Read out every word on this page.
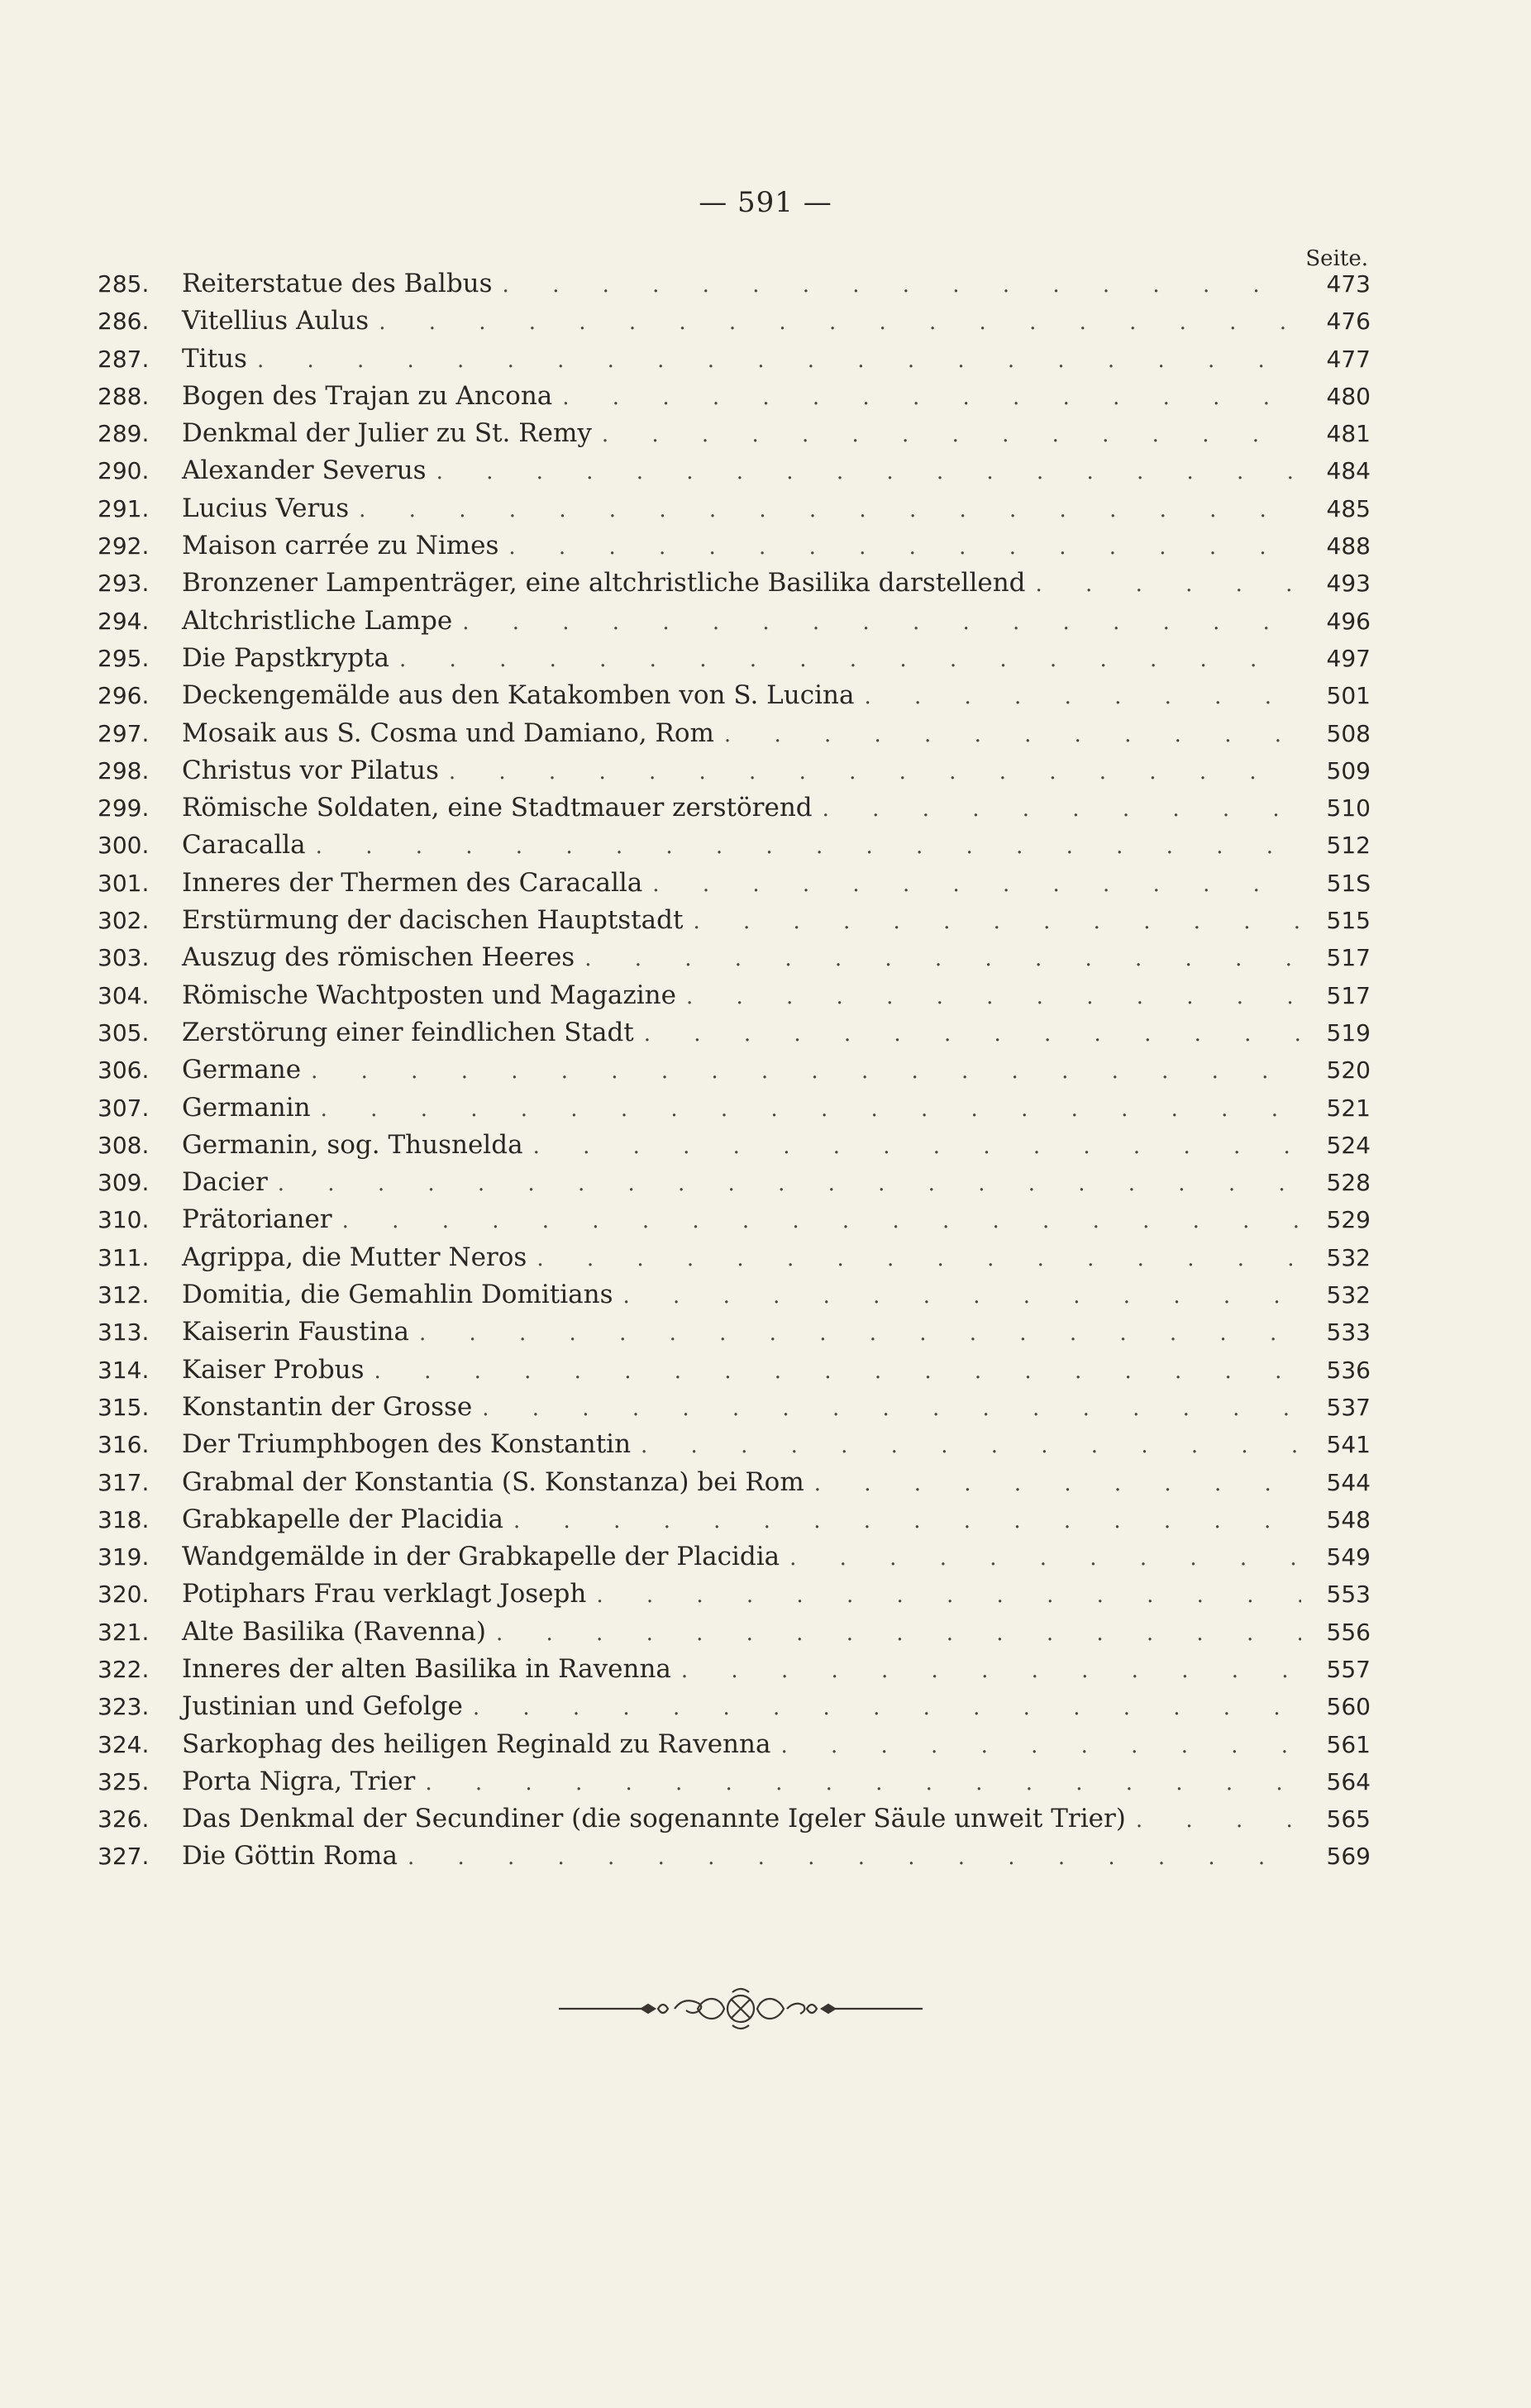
— 591 —
Seite.
285.	Reiterstatue des Balbus . . .	473
286.	Vitellius Aulus . . .	476
287.	Titus . . .	477
288.	Bogen des Trajan zu Ancona . . .	480
289.	Denkmal der Julier zu St. Remy . . .	481
290.	Alexander Severus . . .	484
291.	Lucius Verus . . .	485
292.	Maison carrée zu Nimes . . .	488
293.	Bronzener Lampenträger, eine altchristliche Basilika darstellend . . .	493
294.	Altchristliche Lampe . . .	496
295.	Die Papstkrypta . . .	497
296.	Deckengemälde aus den Katakomben von S. Lucina . . .	501
297.	Mosaik aus S. Cosma und Damiano, Rom . . .	508
298.	Christus vor Pilatus . . .	509
299.	Römische Soldaten, eine Stadtmauer zerstörend . . .	510
300.	Caracalla . . .	512
301.	Inneres der Thermen des Caracalla . . .	51S
302.	Erstürmung der dacischen Hauptstadt . . .	515
303.	Auszug des römischen Heeres . . .	517
304.	Römische Wachtposten und Magazine . . .	517
305.	Zerstörung einer feindlichen Stadt . . .	519
306.	Germane . . .	520
307.	Germanin . . .	521
308.	Germanin, sog. Thusnelda . . .	524
309.	Dacier . . .	528
310.	Prätorianer . . .	529
311.	Agrippa, die Mutter Neros . . .	532
312.	Domitia, die Gemahlin Domitians . . .	532
313.	Kaiserin Faustina . . .	533
314.	Kaiser Probus . . .	536
315.	Konstantin der Grosse . . .	537
316.	Der Triumphbogen des Konstantin . . .	541
317.	Grabmal der Konstantia (S. Konstanza) bei Rom . . .	544
318.	Grabkapelle der Placidia . . .	548
319.	Wandgemälde in der Grabkapelle der Placidia . . .	549
320.	Potiphars Frau verklagt Joseph . . .	553
321.	Alte Basilika (Ravenna) . . .	556
322.	Inneres der alten Basilika in Ravenna . . .	557
323.	Justinian und Gefolge . . .	560
324.	Sarkophag des heiligen Reginald zu Ravenna . . .	561
325.	Porta Nigra, Trier . . .	564
326.	Das Denkmal der Secundiner (die sogenannte Igeler Säule unweit Trier) . . .	565
327.	Die Göttin Roma . . .	569
